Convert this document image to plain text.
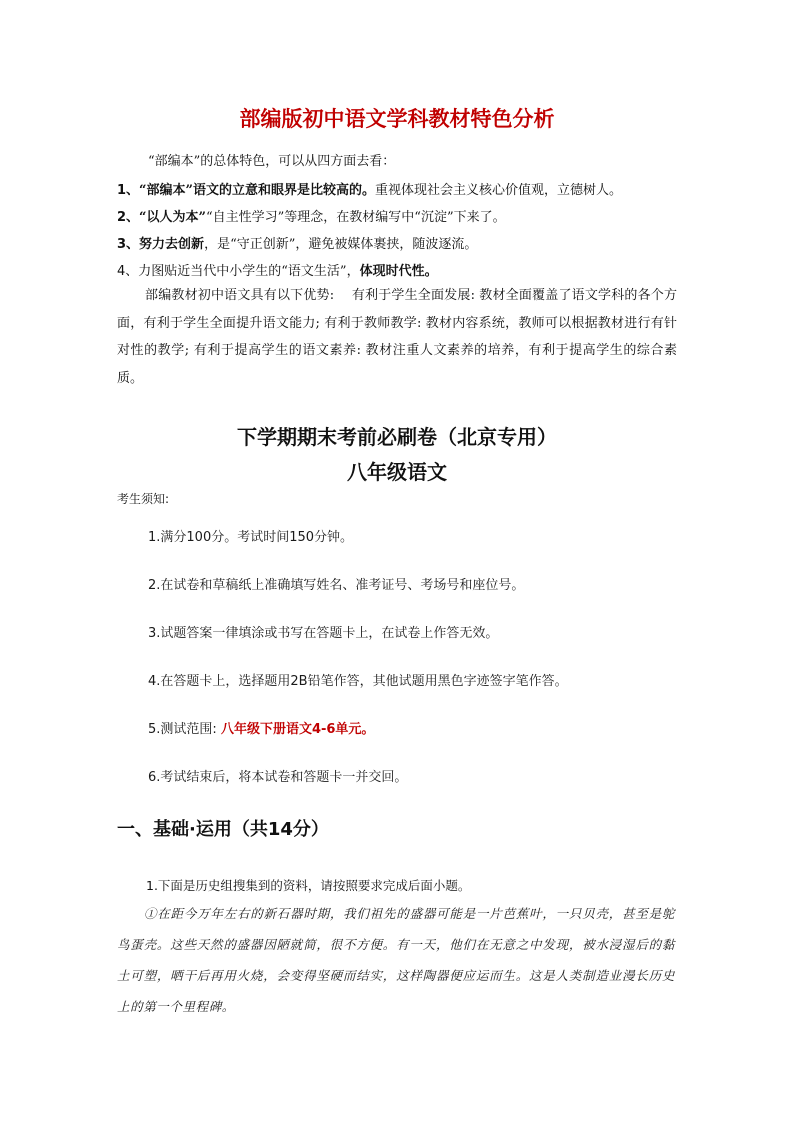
部编版初中语文学科教材特色分析
“部编本”的总体特色，可以从四方面去看：
1、“部编本”语文的立意和眼界是比较高的。重视体现社会主义核心价值观，立德树人。
2、“以人为本”“自主性学习”等理念，在教材编写中“沉淀”下来了。
3、努力去创新，是“守正创新”，避免被媒体裹挟，随波逐流。
4、力图贴近当代中小学生的“语文生活”，体现时代性。
部编教材初中语文具有以下优势:　 有利于学生全面发展: 教材全面覆盖了语文学科的各个方面，有利于学生全面提升语文能力; 有利于教师教学: 教材内容系统，教师可以根据教材进行有针对性的教学; 有利于提高学生的语文素养: 教材注重人文素养的培养，有利于提高学生的综合素质。
下学期期末考前必刷卷（北京专用）
八年级语文
考生须知:
1.满分100分。考试时间150分钟。
2.在试卷和草稿纸上准确填写姓名、准考证号、考场号和座位号。
3.试题答案一律填涂或书写在答题卡上，在试卷上作答无效。
4.在答题卡上，选择题用2B铅笔作答，其他试题用黑色字迹签字笔作答。
5.测试范围: 八年级下册语文4-6单元。
6.考试结束后，将本试卷和答题卡一并交回。
一、基础·运用（共14分）
1.下面是历史组搜集到的资料，请按照要求完成后面小题。
①在距今万年左右的新石器时期，我们祖先的盛器可能是一片芭蕉叶，一只贝壳，甚至是鸵鸟蛋壳。这些天然的盛器因陋就简，很不方便。有一天，他们在无意之中发现，被水浸湿后的黏土可塑，晒干后再用火烧，会变得坚硬而结实，这样陶器便应运而生。这是人类制造业漫长历史上的第一个里程碑。
